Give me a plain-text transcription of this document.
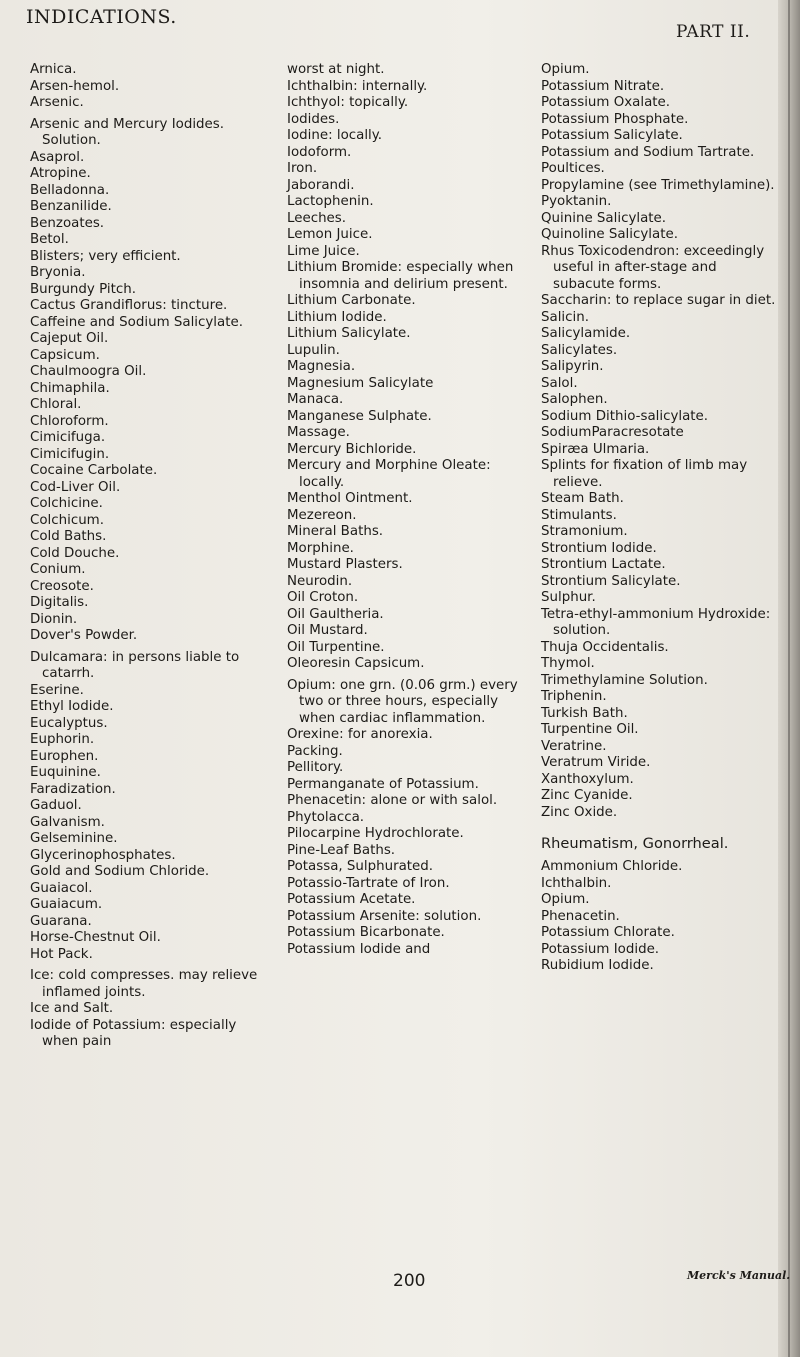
INDICATIONS.
PART II.

Arnica.

Arsen-hemol.

Arsenic.

Arsenic and Mercury Iodides. Solution.

Asaprol.

Atropine.

Belladonna.

Benzanilide.

Benzoates.

Betol.

Blisters; very efficient.

Bryonia.

Burgundy Pitch.

Cactus Grandiflorus: tincture.

Caffeine and Sodium Salicylate.

Cajeput Oil.

Capsicum.

Chaulmoogra Oil.

Chimaphila.

Chloral.

Chloroform.

Cimicifuga.

Cimicifugin.

Cocaine Carbolate.

Cod-Liver Oil.

Colchicine.

Colchicum.

Cold Baths.

Cold Douche.

Conium.

Creosote.

Digitalis.

Dionin.

Dover's Powder.

Dulcamara: in persons liable to catarrh.

Eserine.

Ethyl Iodide.

Eucalyptus.

Euphorin.

Europhen.

Euquinine.

Faradization.

Gaduol.

Galvanism.

Gelseminine.

Glycerinophosphates.

Gold and Sodium Chloride.

Guaiacol.

Guaiacum.

Guarana.

Horse-Chestnut Oil.

Hot Pack.

Ice: cold compresses. may relieve inflamed joints.

Ice and Salt.

Iodide of Potassium: especially when pain

worst at night.

Ichthalbin: internally.

Ichthyol: topically.

Iodides.

Iodine: locally.

Iodoform.

Iron.

Jaborandi.

Lactophenin.

Leeches.

Lemon Juice.

Lime Juice.

Lithium Bromide: especially when insomnia and delirium present.

Lithium Carbonate.

Lithium Iodide.

Lithium Salicylate.

Lupulin.

Magnesia.

Magnesium Salicylate

Manaca.

Manganese Sulphate.

Massage.

Mercury Bichloride.

Mercury and Morphine Oleate: locally.

Menthol Ointment.

Mezereon.

Mineral Baths.

Morphine.

Mustard Plasters.

Neurodin.

Oil Croton.

Oil Gaultheria.

Oil Mustard.

Oil Turpentine.

Oleoresin Capsicum.

Opium: one grn. (0.06 grm.) every two or three hours, especially when cardiac inflammation.

Orexine: for anorexia.

Packing.

Pellitory.

Permanganate of Potassium.

Phenacetin: alone or with salol.

Phytolacca.

Pilocarpine Hydrochlorate.

Pine-Leaf Baths.

Potassa, Sulphurated.

Potassio-Tartrate of Iron.

Potassium Acetate.

Potassium Arsenite: solution.

Potassium Bicarbonate.

Potassium Iodide and

Opium.

Potassium Nitrate.

Potassium Oxalate.

Potassium Phosphate.

Potassium Salicylate.

Potassium and Sodium Tartrate.

Poultices.

Propylamine (see Trimethylamine).

Pyoktanin.

Quinine Salicylate.

Quinoline Salicylate.

Rhus Toxicodendron: exceedingly useful in after-stage and subacute forms.

Saccharin: to replace sugar in diet.

Salicin.

Salicylamide.

Salicylates.

Salipyrin.

Salol.

Salophen.

Sodium Dithio-salicylate.

SodiumParacresotate

Spiræa Ulmaria.

Splints for fixation of limb may relieve.

Steam Bath.

Stimulants.

Stramonium.

Strontium Iodide.

Strontium Lactate.

Strontium Salicylate.

Sulphur.

Tetra-ethyl-ammonium Hydroxide: solution.

Thuja Occidentalis.

Thymol.

Trimethylamine Solution.

Triphenin.

Turkish Bath.

Turpentine Oil.

Veratrine.

Veratrum Viride.

Xanthoxylum.

Zinc Cyanide.

Zinc Oxide.

Rheumatism, Gonorrheal.

Ammonium Chloride.

Ichthalbin.

Opium.

Phenacetin.

Potassium Chlorate.

Potassium Iodide.

Rubidium Iodide.

200	Merck's Manual.
